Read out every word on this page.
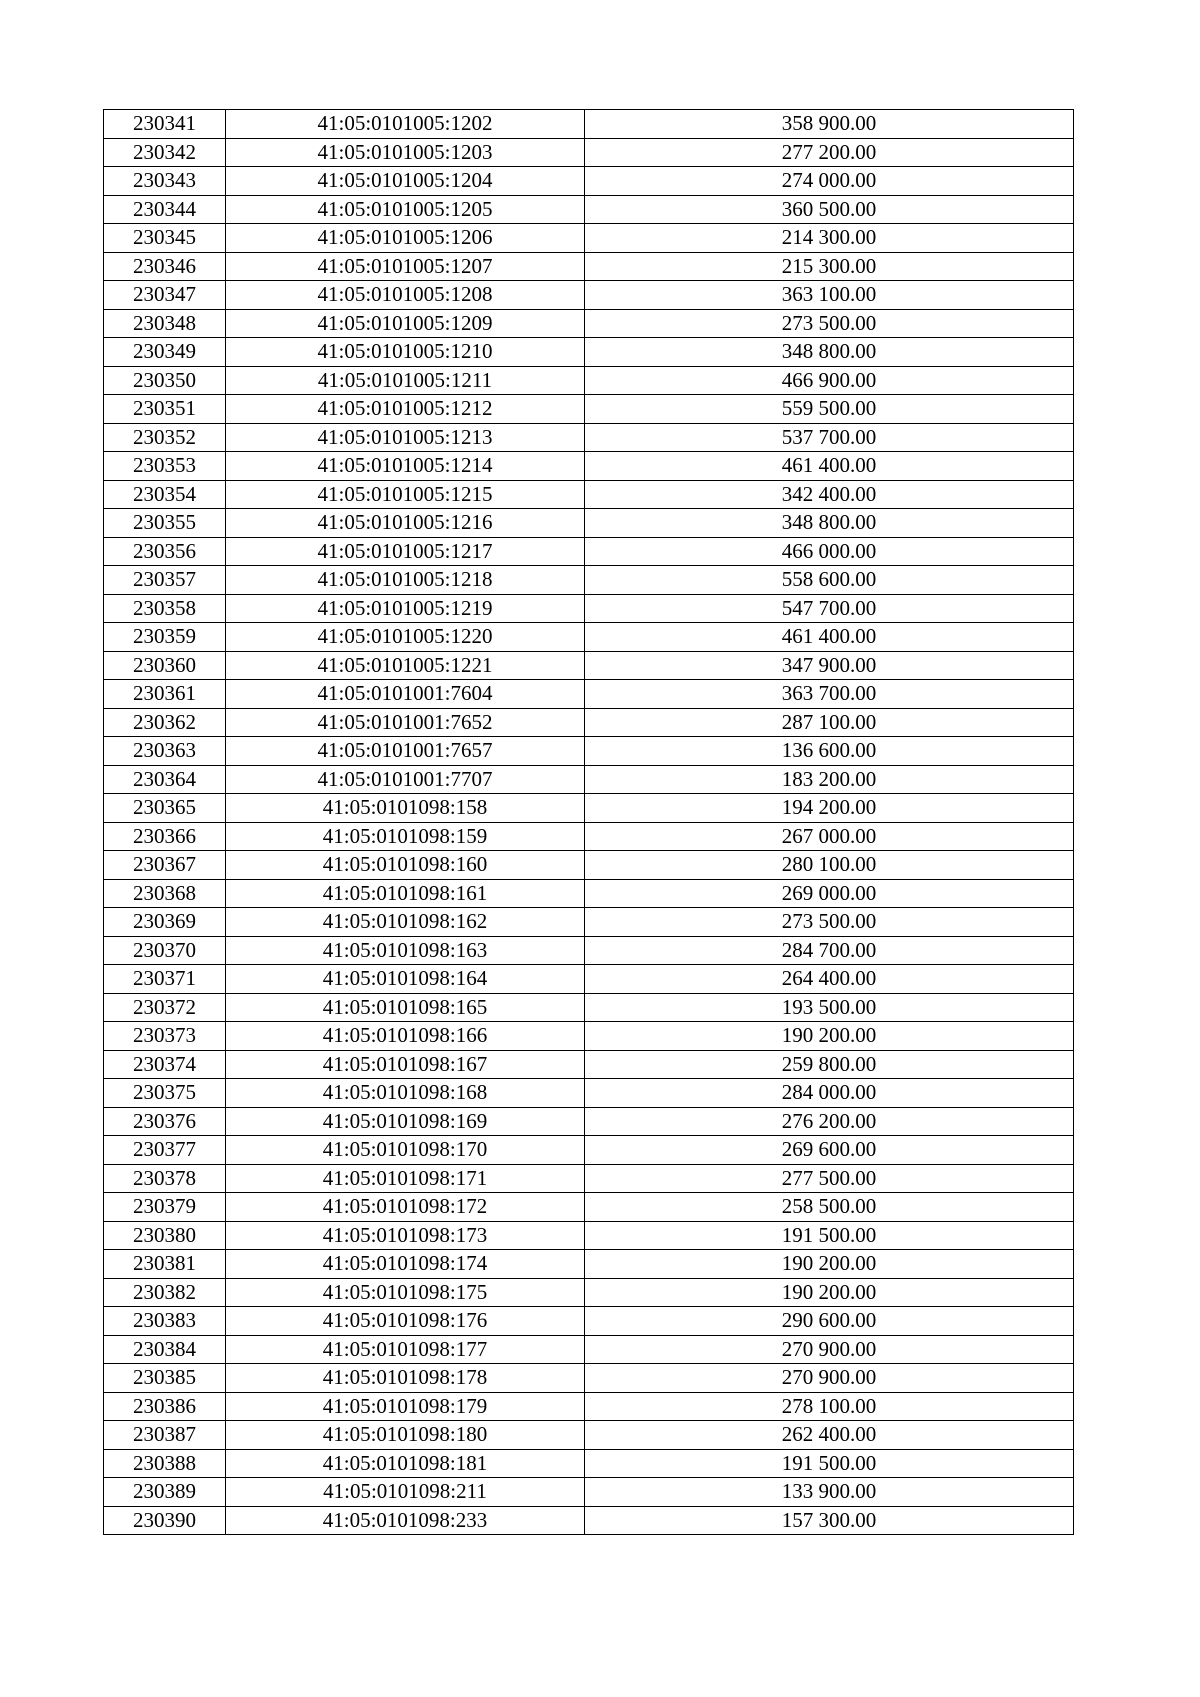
230341	41:05:0101005:1202	358 900.00
230342	41:05:0101005:1203	277 200.00
230343	41:05:0101005:1204	274 000.00
230344	41:05:0101005:1205	360 500.00
230345	41:05:0101005:1206	214 300.00
230346	41:05:0101005:1207	215 300.00
230347	41:05:0101005:1208	363 100.00
230348	41:05:0101005:1209	273 500.00
230349	41:05:0101005:1210	348 800.00
230350	41:05:0101005:1211	466 900.00
230351	41:05:0101005:1212	559 500.00
230352	41:05:0101005:1213	537 700.00
230353	41:05:0101005:1214	461 400.00
230354	41:05:0101005:1215	342 400.00
230355	41:05:0101005:1216	348 800.00
230356	41:05:0101005:1217	466 000.00
230357	41:05:0101005:1218	558 600.00
230358	41:05:0101005:1219	547 700.00
230359	41:05:0101005:1220	461 400.00
230360	41:05:0101005:1221	347 900.00
230361	41:05:0101001:7604	363 700.00
230362	41:05:0101001:7652	287 100.00
230363	41:05:0101001:7657	136 600.00
230364	41:05:0101001:7707	183 200.00
230365	41:05:0101098:158	194 200.00
230366	41:05:0101098:159	267 000.00
230367	41:05:0101098:160	280 100.00
230368	41:05:0101098:161	269 000.00
230369	41:05:0101098:162	273 500.00
230370	41:05:0101098:163	284 700.00
230371	41:05:0101098:164	264 400.00
230372	41:05:0101098:165	193 500.00
230373	41:05:0101098:166	190 200.00
230374	41:05:0101098:167	259 800.00
230375	41:05:0101098:168	284 000.00
230376	41:05:0101098:169	276 200.00
230377	41:05:0101098:170	269 600.00
230378	41:05:0101098:171	277 500.00
230379	41:05:0101098:172	258 500.00
230380	41:05:0101098:173	191 500.00
230381	41:05:0101098:174	190 200.00
230382	41:05:0101098:175	190 200.00
230383	41:05:0101098:176	290 600.00
230384	41:05:0101098:177	270 900.00
230385	41:05:0101098:178	270 900.00
230386	41:05:0101098:179	278 100.00
230387	41:05:0101098:180	262 400.00
230388	41:05:0101098:181	191 500.00
230389	41:05:0101098:211	133 900.00
230390	41:05:0101098:233	157 300.00
